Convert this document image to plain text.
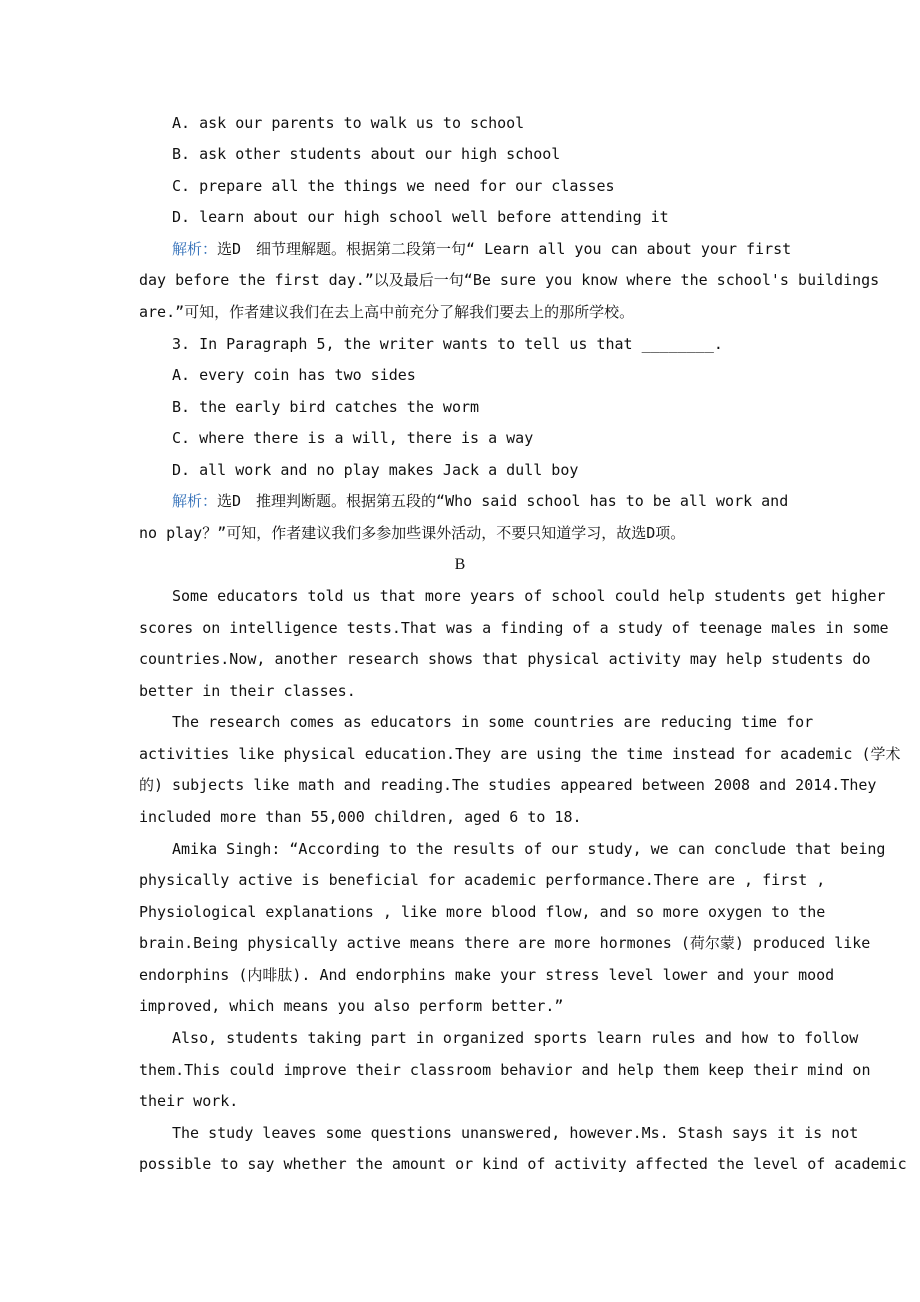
A. ask our parents to walk us to school
B. ask other students about our high school
C. prepare all the things we need for our classes
D. learn about our high school well before attending it
解析：选D　细节理解题。根据第二段第一句“ Learn all you can about your first
day before the first day.”以及最后一句“Be sure you know where the school's buildings
are.”可知，作者建议我们在去上高中前充分了解我们要去上的那所学校。
3. In Paragraph 5, the writer wants to tell us that ________.
A. every coin has two sides
B. the early bird catches the worm
C. where there is a will, there is a way
D. all work and no play makes Jack a dull boy
解析：选D　推理判断题。根据第五段的“Who said school has to be all work and
no play？”可知，作者建议我们多参加些课外活动，不要只知道学习，故选D项。
B
Some educators told us that more years of school could help students get higher
scores on intelligence tests.That was a finding of a study of teenage males in some
countries.Now, another research shows that physical activity may help students do
better in their classes.
The research comes as educators in some countries are reducing time for
activities like physical education.They are using the time instead for academic (学术
的) subjects like math and reading.The studies appeared between 2008 and 2014.They
included more than 55,000 children, aged 6 to 18.
Amika Singh: “According to the results of our study, we can conclude that being
physically active is beneficial for academic performance.There are , first ,
Physiological explanations , like more blood flow, and so more oxygen to the
brain.Being physically active means there are more hormones (荷尔蒙) produced like
endorphins (内啡肽). And endorphins make your stress level lower and your mood
improved, which means you also perform better.”
Also, students taking part in organized sports learn rules and how to follow
them.This could improve their classroom behavior and help them keep their mind on
their work.
The study leaves some questions unanswered, however.Ms. Stash says it is not
possible to say whether the amount or kind of activity affected the level of academic
